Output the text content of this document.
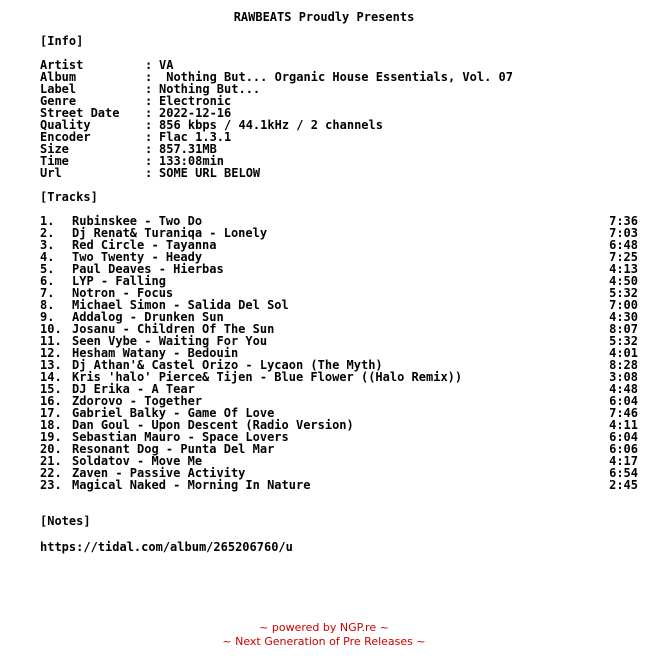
RAWBEATS Proudly Presents
[Info]
Artist	: VA
Album	: Nothing But... Organic House Essentials, Vol. 07
Label	: Nothing But...
Genre	: Electronic
Street Date	: 2022-12-16
Quality	: 856 kbps / 44.1kHz / 2 channels
Encoder	: Flac 1.3.1
Size	: 857.31MB
Time	: 133:08min
Url	: SOME URL BELOW
[Tracks]
1. Rubinskee - Two Do	7:36
2. Dj Renat& Turaniqa - Lonely	7:03
3. Red Circle - Tayanna	6:48
4. Two Twenty - Heady	7:25
5. Paul Deaves - Hierbas	4:13
6. LYP - Falling	4:50
7. Notron - Focus	5:32
8. Michael Simon - Salida Del Sol	7:00
9. Addalog - Drunken Sun	4:30
10. Josanu - Children Of The Sun	8:07
11. Seen Vybe - Waiting For You	5:32
12. Hesham Watany - Bedouin	4:01
13. Dj Athan'& Castel Orizo - Lycaon (The Myth)	8:28
14. Kris 'halo' Pierce& Tijen - Blue Flower ((Halo Remix))	3:08
15. DJ Erika - A Tear	4:48
16. Zdorovo - Together	6:04
17. Gabriel Balky - Game Of Love	7:46
18. Dan Goul - Upon Descent (Radio Version)	4:11
19. Sebastian Mauro - Space Lovers	6:04
20. Resonant Dog - Punta Del Mar	6:06
21. Soldatov - Move Me	4:17
22. Zaven - Passive Activity	6:54
23. Magical Naked - Morning In Nature	2:45
[Notes]
https://tidal.com/album/265206760/u
~ powered by NGP.re ~
~ Next Generation of Pre Releases ~
